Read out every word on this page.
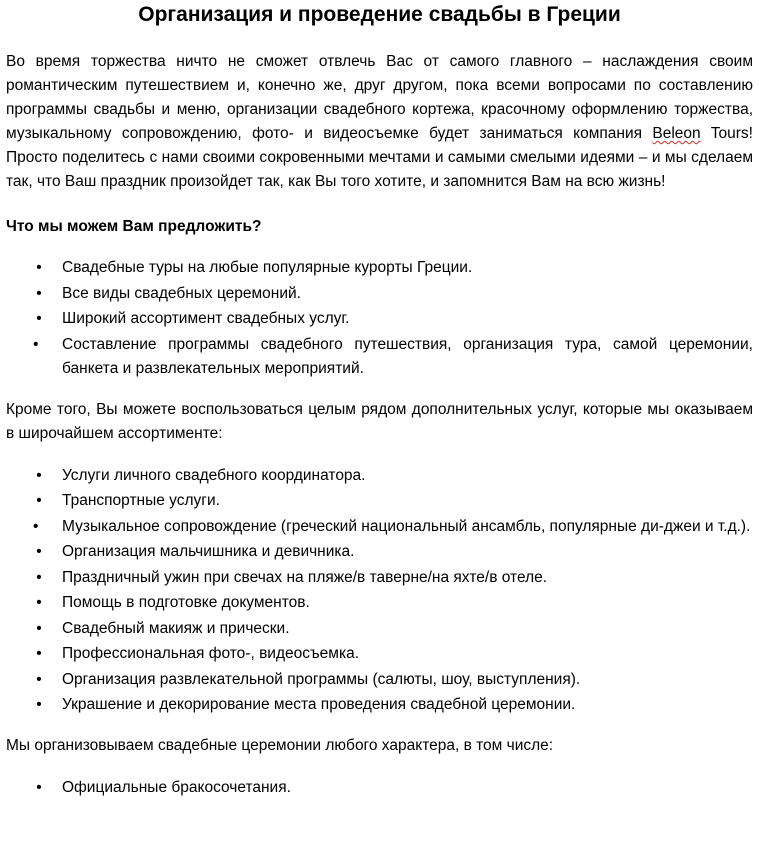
Организация и проведение свадьбы в Греции

Во время торжества ничто не сможет отвлечь Вас от самого главного – наслаждения своим романтическим путешествием и, конечно же, друг другом, пока всеми вопросами по составлению программы свадьбы и меню, организации свадебного кортежа, красочному оформлению торжества, музыкальному сопровождению, фото- и видеосъемке будет заниматься компания Beleon Tours! Просто поделитесь с нами своими сокровенными мечтами и самыми смелыми идеями – и мы сделаем так, что Ваш праздник произойдет так, как Вы того хотите, и запомнится Вам на всю жизнь!

Что мы можем Вам предложить?

• Свадебные туры на любые популярные курорты Греции.
• Все виды свадебных церемоний.
• Широкий ассортимент свадебных услуг.
•	Составление программы свадебного путешествия, организация тура, самой церемонии, банкета и развлекательных мероприятий.

Кроме того, Вы можете воспользоваться целым рядом дополнительных услуг, которые мы оказываем в широчайшем ассортименте:

• Услуги личного свадебного координатора.
• Транспортные услуги.
•	Музыкальное сопровождение (греческий национальный ансамбль, популярные ди-джеи и т.д.).
• Организация мальчишника и девичника.
• Праздничный ужин при свечах на пляже/в таверне/на яхте/в отеле.
• Помощь в подготовке документов.
• Свадебный макияж и прически.
• Профессиональная фото-, видеосъемка.
• Организация развлекательной программы (салюты, шоу, выступления).
• Украшение и декорирование места проведения свадебной церемонии.

Мы организовываем свадебные церемонии любого характера, в том числе:

• Официальные бракосочетания.
